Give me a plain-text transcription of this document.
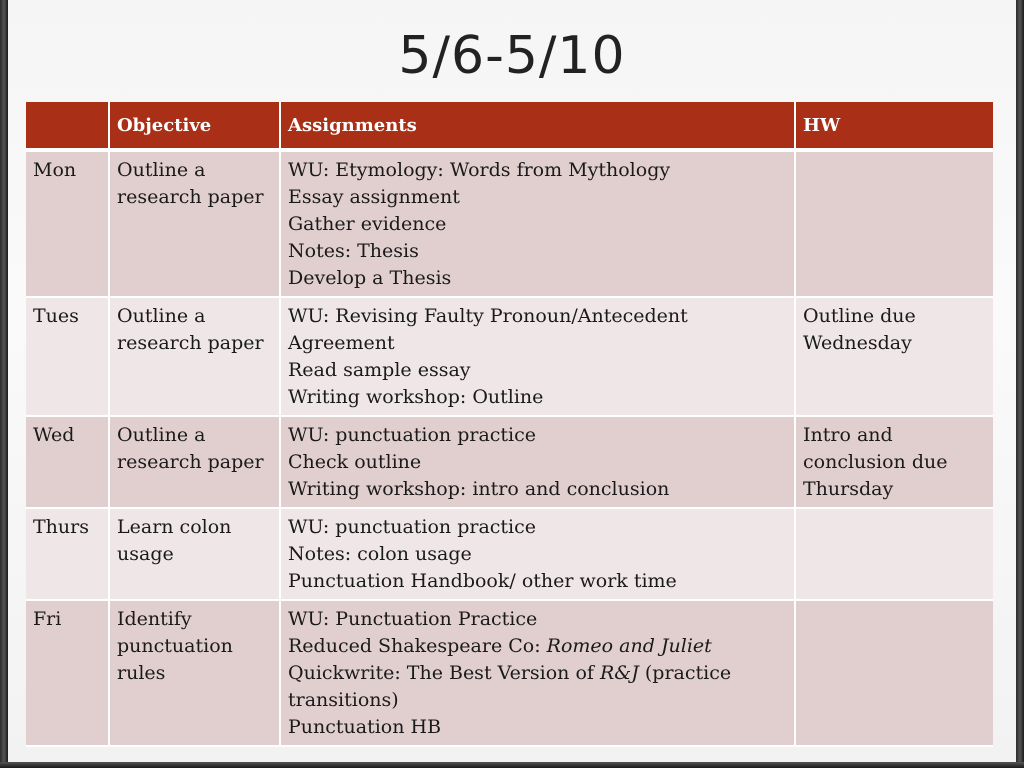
5/6-5/10
	Objective	Assignments	HW
Mon	Outline a research paper	WU: Etymology: Words from Mythology
Essay assignment
Gather evidence
Notes: Thesis
Develop a Thesis	

Tues	Outline a research paper	WU: Revising Faulty Pronoun/Antecedent Agreement
Read sample essay
Writing workshop: Outline	Outline due Wednesday
Wed	Outline a research paper	WU: punctuation practice
Check outline
Writing workshop: intro and conclusion	Intro and conclusion due Thursday
Thurs	Learn colon usage	WU: punctuation practice
Notes: colon usage
Punctuation Handbook/ other work time	

Fri	Identify punctuation rules	WU: Punctuation Practice
Reduced Shakespeare Co: Romeo and Juliet
Quickwrite: The Best Version of R&J (practice transitions)
Punctuation HB	
